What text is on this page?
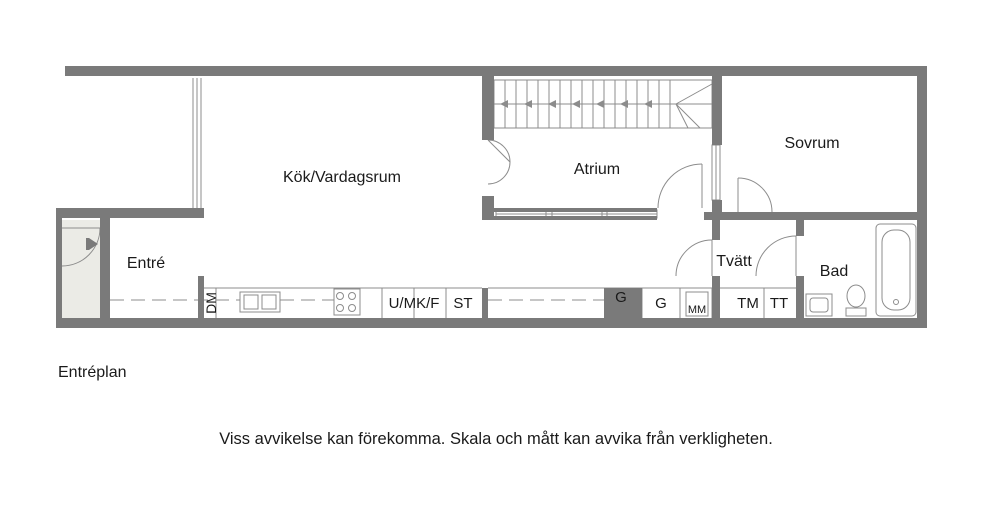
Kök/Vardagsrum	Atrium
Sovrum
Entré	Tvätt
Bad
DM	U/MK/F ST	G G MM TM TT
Entréplan
Viss avvikelse kan förekomma. Skala och mått kan avvika från verkligheten.
